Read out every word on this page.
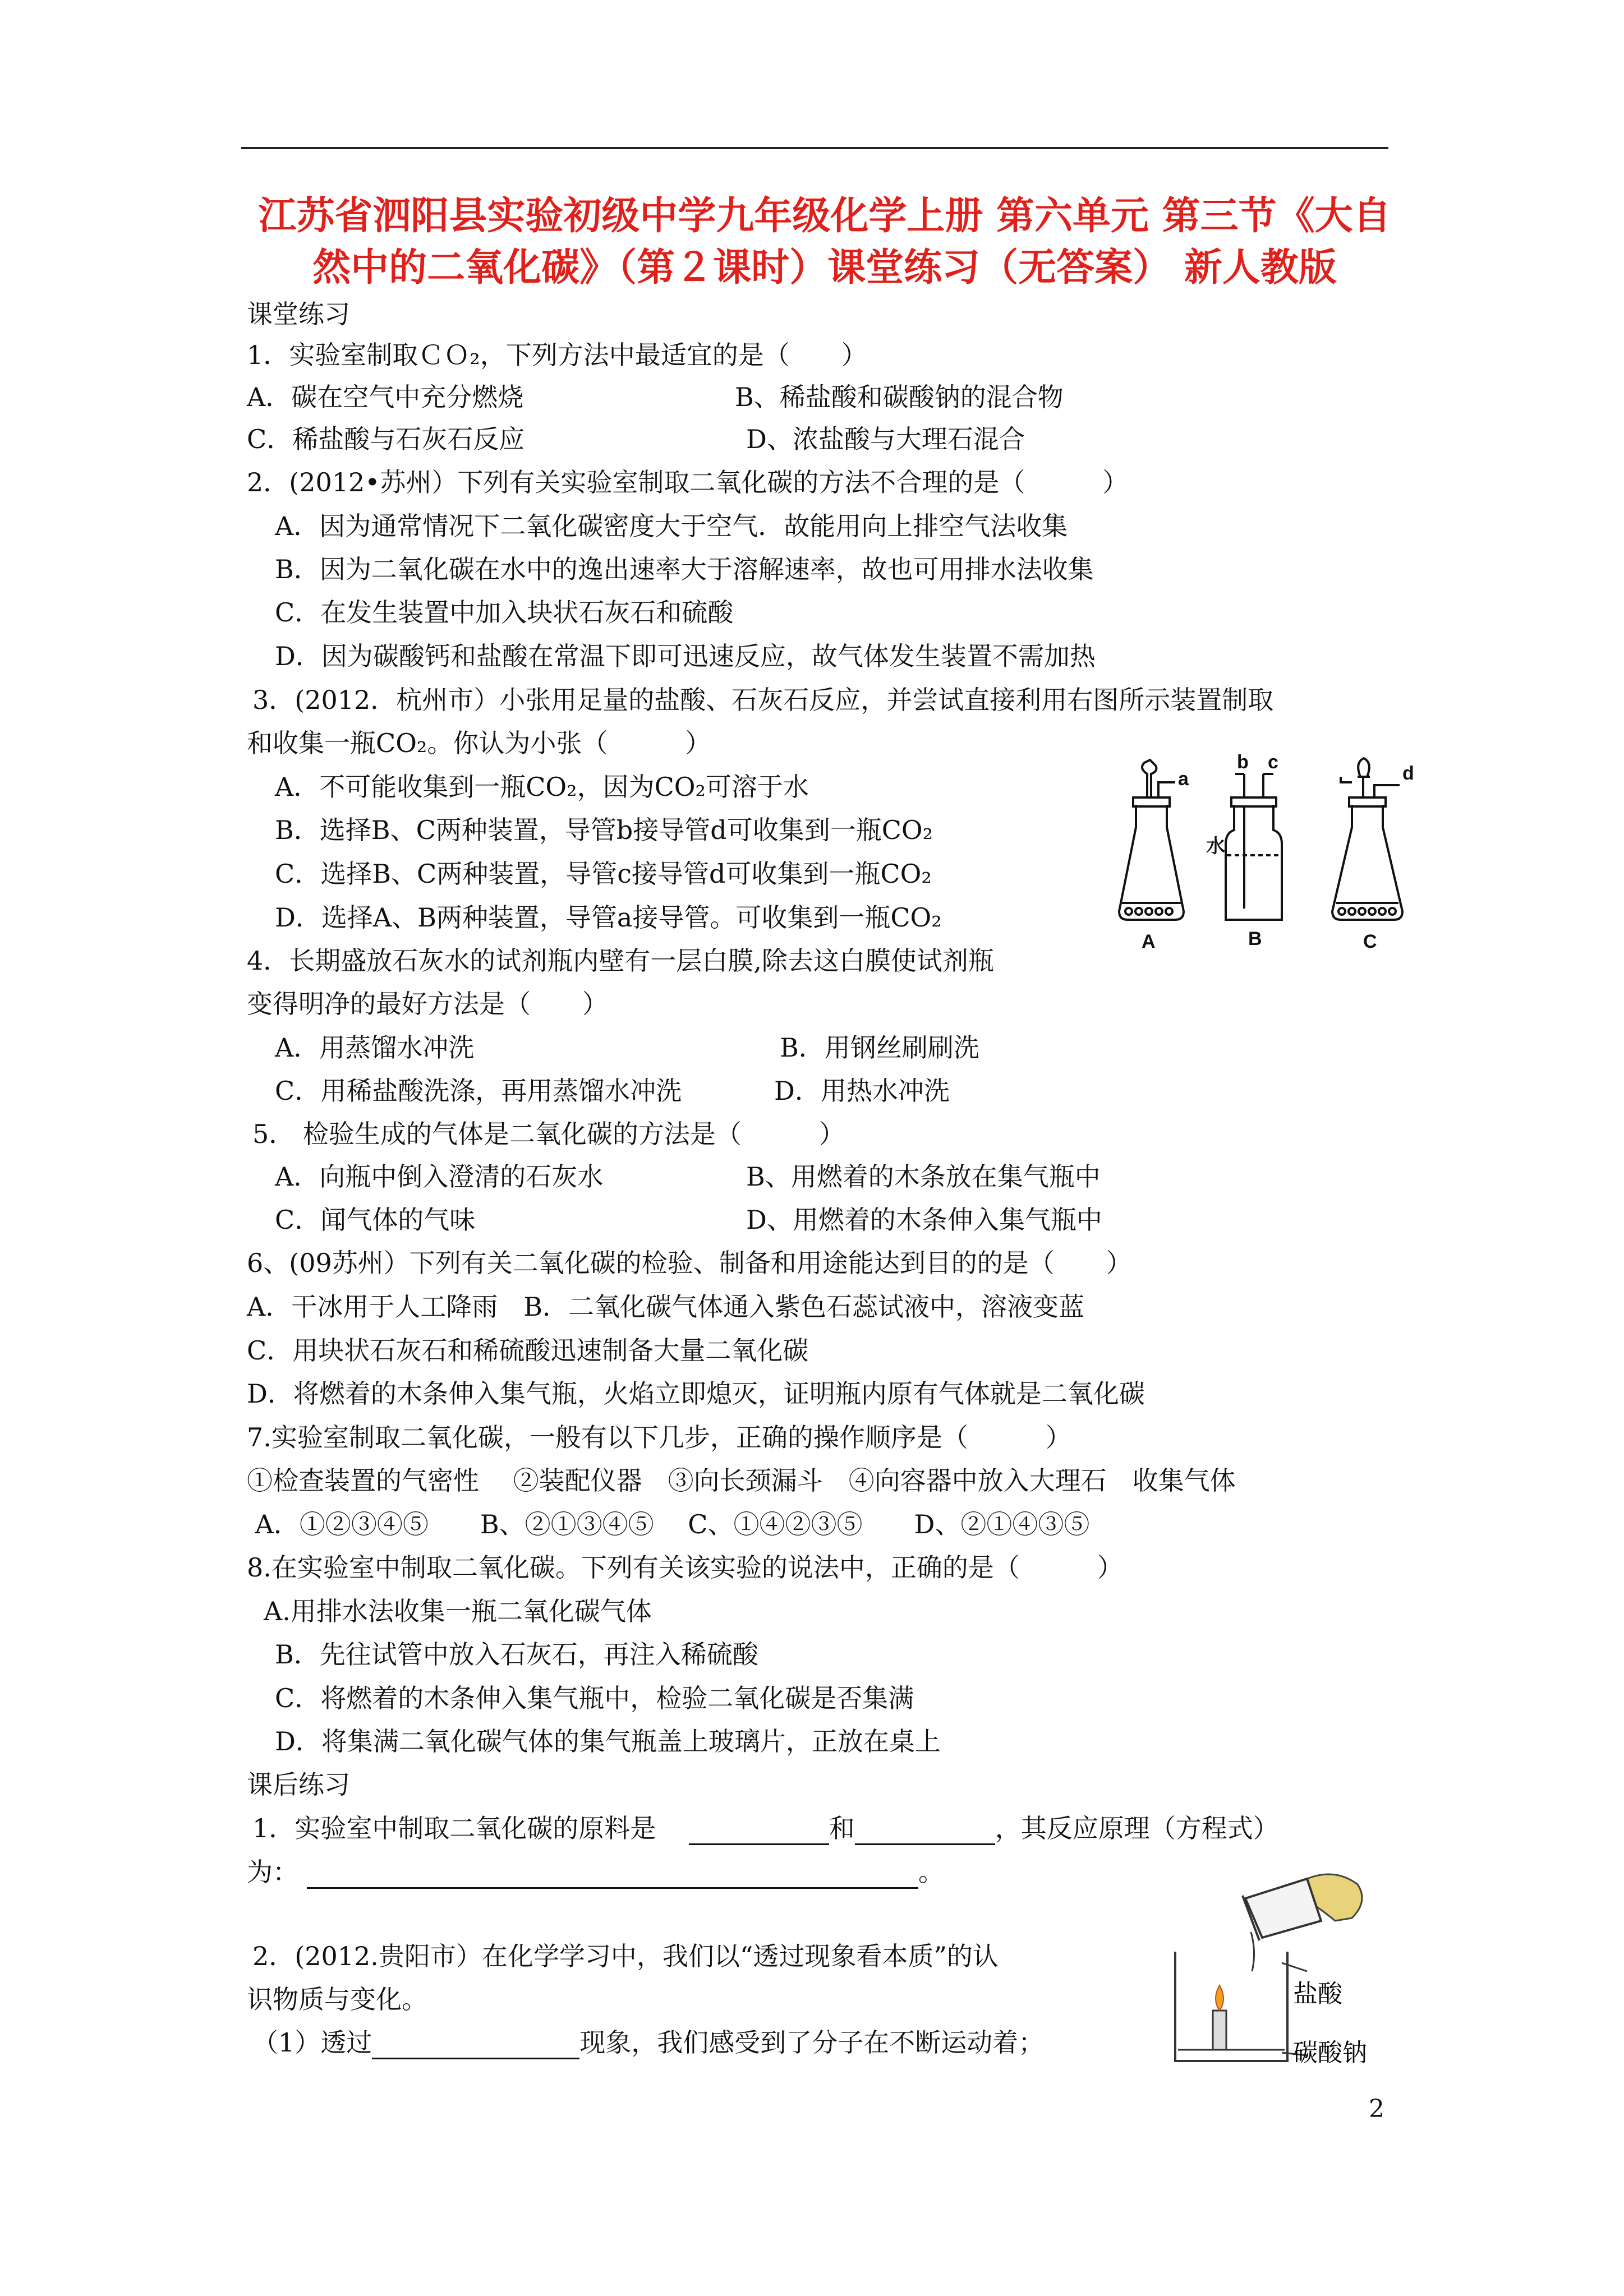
江苏省泗阳县实验初级中学九年级化学上册 第六单元 第三节《大自
然中的二氧化碳》（第２课时）课堂练习（无答案） 新人教版
课堂练习
1．实验室制取ＣＯ₂，下列方法中最适宜的是（　　）
A．碳在空气中充分燃烧	B、稀盐酸和碳酸钠的混合物
C．稀盐酸与石灰石反应	D、浓盐酸与大理石混合
2．(2012•苏州）下列有关实验室制取二氧化碳的方法不合理的是（　　　）
A．因为通常情况下二氧化碳密度大于空气．故能用向上排空气法收集
B．因为二氧化碳在水中的逸出速率大于溶解速率，故也可用排水法收集
C．在发生装置中加入块状石灰石和硫酸
D．因为碳酸钙和盐酸在常温下即可迅速反应，故气体发生装置不需加热
3．(2012．杭州市）小张用足量的盐酸、石灰石反应，并尝试直接利用右图所示装置制取
和收集一瓶CO₂。你认为小张（　　　）
A．不可能收集到一瓶CO₂，因为CO₂可溶于水
B．选择B、C两种装置，导管b接导管d可收集到一瓶CO₂
C．选择B、C两种装置，导管c接导管d可收集到一瓶CO₂
D．选择A、B两种装置，导管a接导管。可收集到一瓶CO₂
a
b c
d
水
A	B	C
4．长期盛放石灰水的试剂瓶内壁有一层白膜,除去这白膜使试剂瓶
变得明净的最好方法是（　　）
A．用蒸馏水冲洗	B．用钢丝刷刷洗
C．用稀盐酸洗涤，再用蒸馏水冲洗	D．用热水冲洗
5． 检验生成的气体是二氧化碳的方法是（　　　）
A．向瓶中倒入澄清的石灰水	B、用燃着的木条放在集气瓶中
C．闻气体的气味	D、用燃着的木条伸入集气瓶中
6、(09苏州）下列有关二氧化碳的检验、制备和用途能达到目的的是（　　）
A．干冰用于人工降雨　B．二氧化碳气体通入紫色石蕊试液中，溶液变蓝
C．用块状石灰石和稀硫酸迅速制备大量二氧化碳
D．将燃着的木条伸入集气瓶，火焰立即熄灭，证明瓶内原有气体就是二氧化碳
7.实验室制取二氧化碳，一般有以下几步，正确的操作顺序是（　　　）
①检查装置的气密性　 ②装配仪器　③向长颈漏斗　④向容器中放入大理石　收集气体
A．①②③④⑤　　B、②①③④⑤　 C、①④②③⑤　　D、②①④③⑤
8.在实验室中制取二氧化碳。下列有关该实验的说法中，正确的是（　　　）
A.用排水法收集一瓶二氧化碳气体
B．先往试管中放入石灰石，再注入稀硫酸
C．将燃着的木条伸入集气瓶中，检验二氧化碳是否集满
D．将集满二氧化碳气体的集气瓶盖上玻璃片，正放在桌上
课后练习
1．实验室中制取二氧化碳的原料是	和	，其反应原理（方程式）
为：	。
2．(2012.贵阳市）在化学学习中，我们以“透过现象看本质”的认
识物质与变化。
（1）透过	现象，我们感受到了分子在不断运动着；
盐酸
碳酸钠
2
